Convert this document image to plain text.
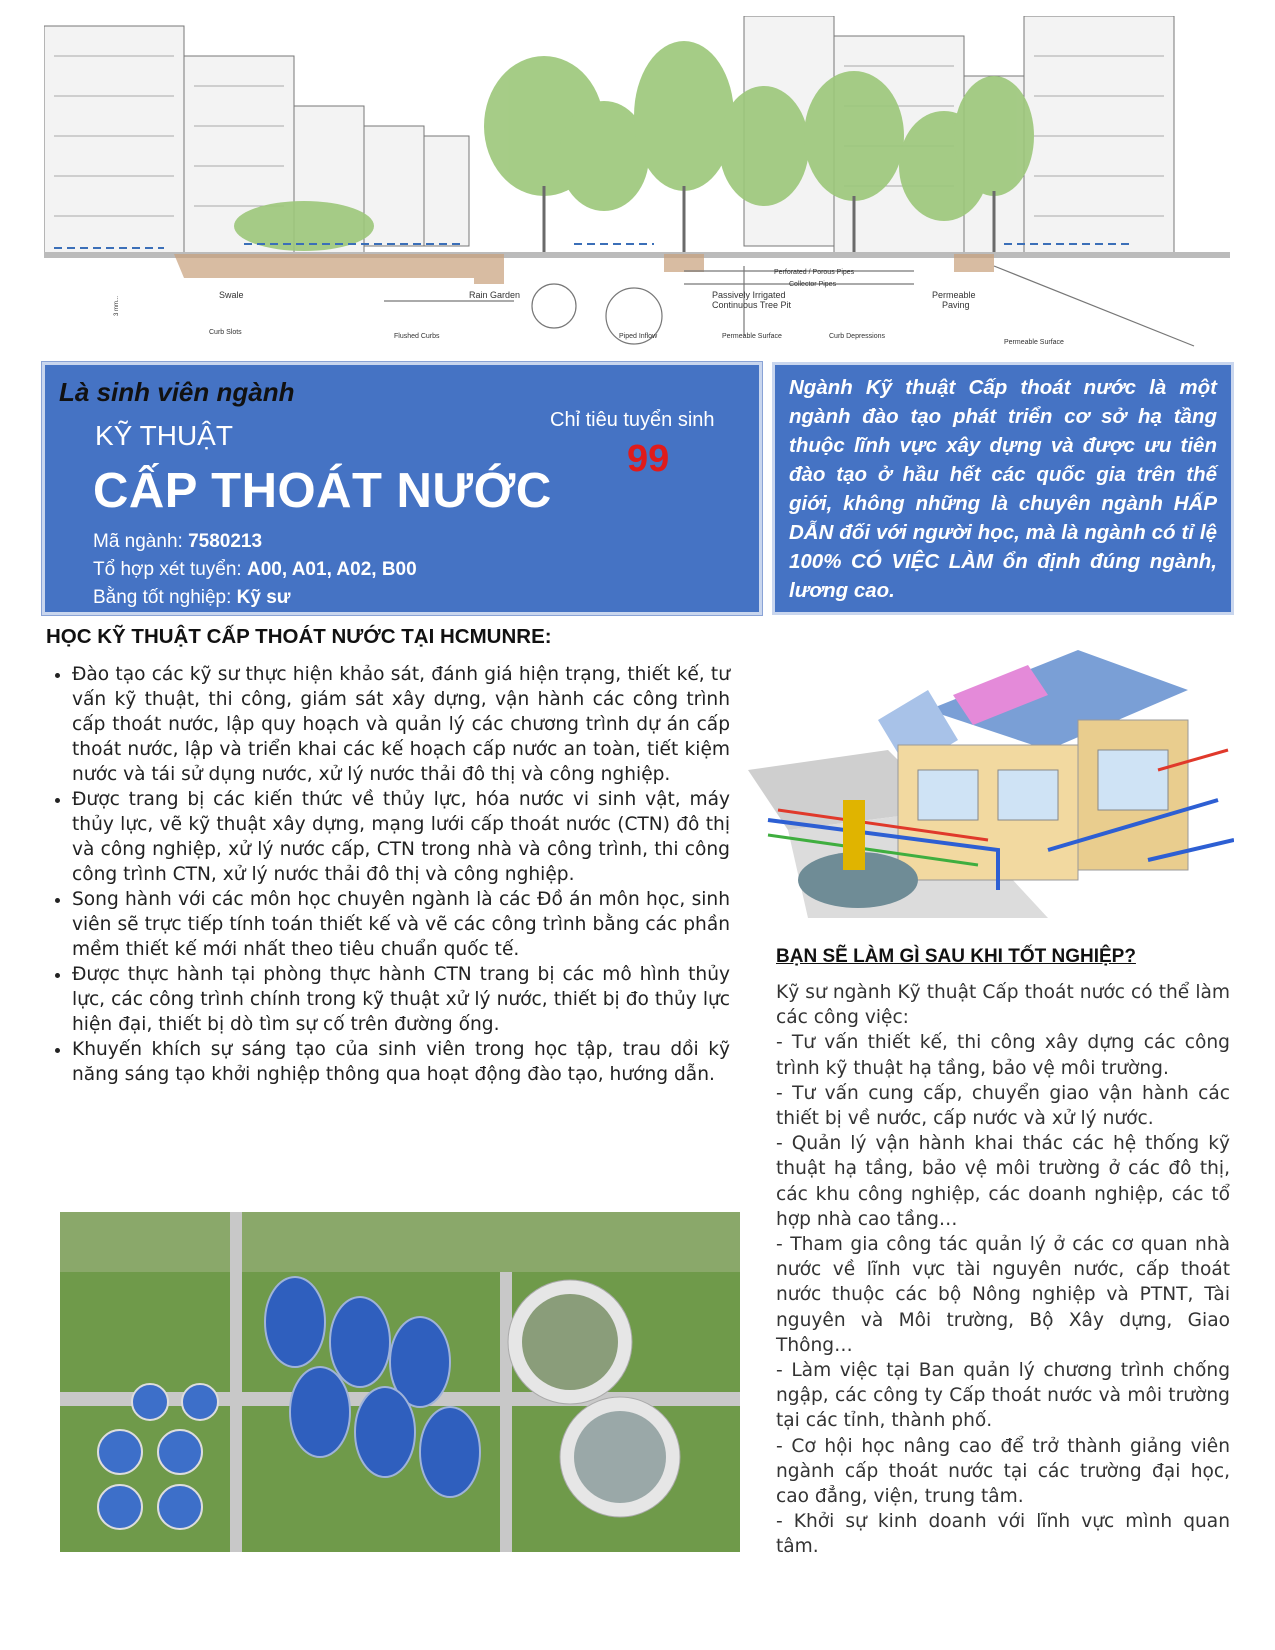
Swale	Rain Garden	Passively Irrigated
Continuous Tree Pit
Permeable
Paving
Perforated / Porous Pipes
Collector Pipes
Curb Slots
Flushed Curbs	Piped Inflow	Permeable Surface	Curb Depressions
Permeable Surface
3 mm...
Là sinh viên ngành
KỸ THUẬT
CẤP THOÁT NƯỚC
Mã ngành: 7580213
Tổ hợp xét tuyển: A00, A01, A02, B00
Bằng tốt nghiệp: Kỹ sư
Chỉ tiêu tuyển sinh
99

Ngành Kỹ thuật Cấp thoát nước là một ngành đào tạo phát triển cơ sở hạ tầng thuộc lĩnh vực xây dựng và được ưu tiên đào tạo ở hầu hết các quốc gia trên thế giới, không những là chuyên ngành HẤP DẪN đối với người học, mà là ngành có tỉ lệ 100% CÓ VIỆC LÀM ổn định đúng ngành, lương cao.

HỌC KỸ THUẬT CẤP THOÁT NƯỚC TẠI HCMUNRE:
• Đào tạo các kỹ sư thực hiện khảo sát, đánh giá hiện trạng, thiết kế, tư vấn kỹ thuật, thi công, giám sát xây dựng, vận hành các công trình cấp thoát nước, lập quy hoạch và quản lý các chương trình dự án cấp thoát nước, lập và triển khai các kế hoạch cấp nước an toàn, tiết kiệm nước và tái sử dụng nước, xử lý nước thải đô thị và công nghiệp.
• Được trang bị các kiến thức về thủy lực, hóa nước vi sinh vật, máy thủy lực, vẽ kỹ thuật xây dựng, mạng lưới cấp thoát nước (CTN) đô thị và công nghiệp, xử lý nước cấp, CTN trong nhà và công trình, thi công công trình CTN, xử lý nước thải đô thị và công nghiệp.
• Song hành với các môn học chuyên ngành là các Đồ án môn học, sinh viên sẽ trực tiếp tính toán thiết kế và vẽ các công trình bằng các phần mềm thiết kế mới nhất theo tiêu chuẩn quốc tế.
• Được thực hành tại phòng thực hành CTN trang bị các mô hình thủy lực, các công trình chính trong kỹ thuật xử lý nước, thiết bị đo thủy lực hiện đại, thiết bị dò tìm sự cố trên đường ống.
• Khuyến khích sự sáng tạo của sinh viên trong học tập, trau dồi kỹ năng sáng tạo khởi nghiệp thông qua hoạt động đào tạo, hướng dẫn.
BẠN SẼ LÀM GÌ SAU KHI TỐT NGHIỆP?

Kỹ sư ngành Kỹ thuật Cấp thoát nước có thể làm các công việc:

- Tư vấn thiết kế, thi công xây dựng các công trình kỹ thuật hạ tầng, bảo vệ môi trường.

- Tư vấn cung cấp, chuyển giao vận hành các thiết bị về nước, cấp nước và xử lý nước.

- Quản lý vận hành khai thác các hệ thống kỹ thuật hạ tầng, bảo vệ môi trường ở các đô thị, các khu công nghiệp, các doanh nghiệp, các tổ hợp nhà cao tầng…

- Tham gia công tác quản lý ở các cơ quan nhà nước về lĩnh vực tài nguyên nước, cấp thoát nước thuộc các bộ Nông nghiệp và PTNT, Tài nguyên và Môi trường, Bộ Xây dựng, Giao Thông…

- Làm việc tại Ban quản lý chương trình chống ngập, các công ty Cấp thoát nước và môi trường tại các tỉnh, thành phố.

- Cơ hội học nâng cao để trở thành giảng viên ngành cấp thoát nước tại các trường đại học, cao đẳng, viện, trung tâm.

- Khởi sự kinh doanh với lĩnh vực mình quan tâm.
